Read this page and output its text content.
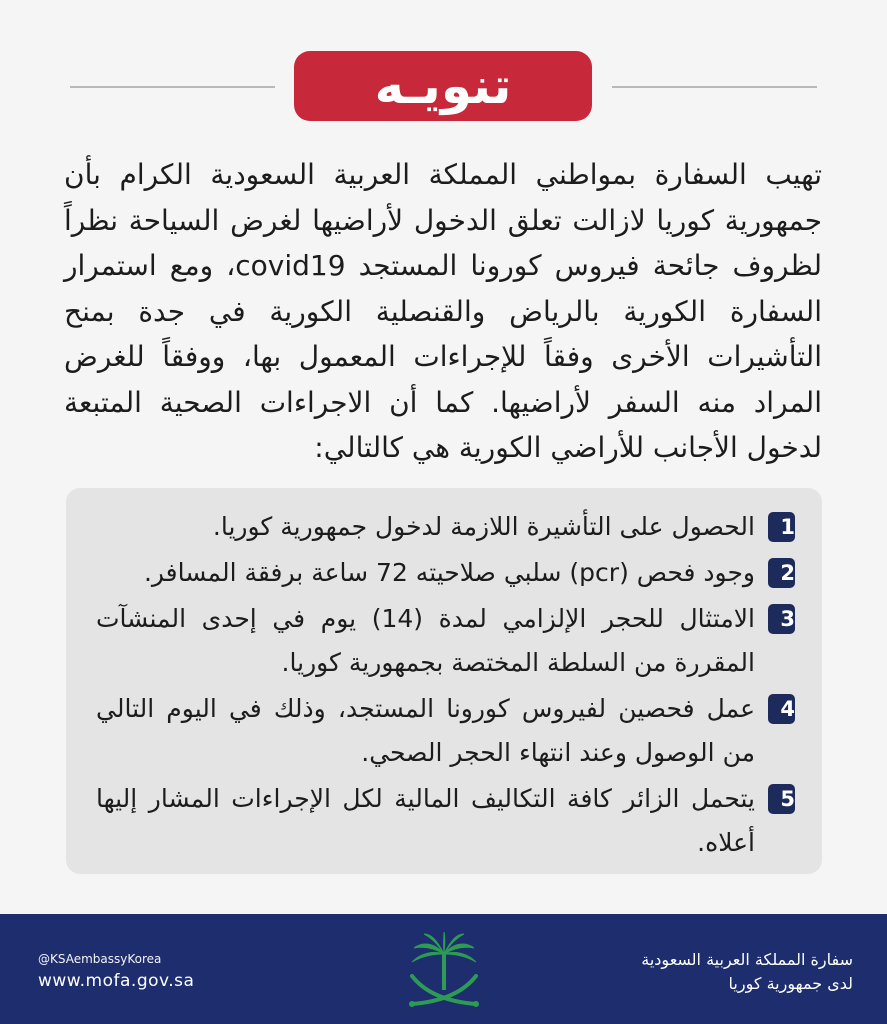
تنويـه
تهيب السفارة بمواطني المملكة العربية السعودية الكرام بأن جمهورية كوريا لازالت تعلق الدخول لأراضيها لغرض السياحة نظراً لظروف جائحة فيروس كورونا المستجد covid19، ومع استمرار السفارة الكورية بالرياض والقنصلية الكورية في جدة بمنح التأشيرات الأخرى وفقاً للإجراءات المعمول بها، ووفقاً للغرض المراد منه السفر لأراضيها. كما أن الاجراءات الصحية المتبعة لدخول الأجانب للأراضي الكورية هي كالتالي:
1
الحصول على التأشيرة اللازمة لدخول جمهورية كوريا.
2
وجود فحص (pcr) سلبي صلاحيته 72 ساعة برفقة المسافر.
3
الامتثال للحجر الإلزامي لمدة (14) يوم في إحدى المنشآت المقررة من السلطة المختصة بجمهورية كوريا.
4
عمل فحصين لفيروس كورونا المستجد، وذلك في اليوم التالي من الوصول وعند انتهاء الحجر الصحي.
5
يتحمل الزائر كافة التكاليف المالية لكل الإجراءات المشار إليها أعلاه.
@KSAembassyKorea
www.mofa.gov.sa
سفارة المملكة العربية السعودية
لدى جمهورية كوريا
